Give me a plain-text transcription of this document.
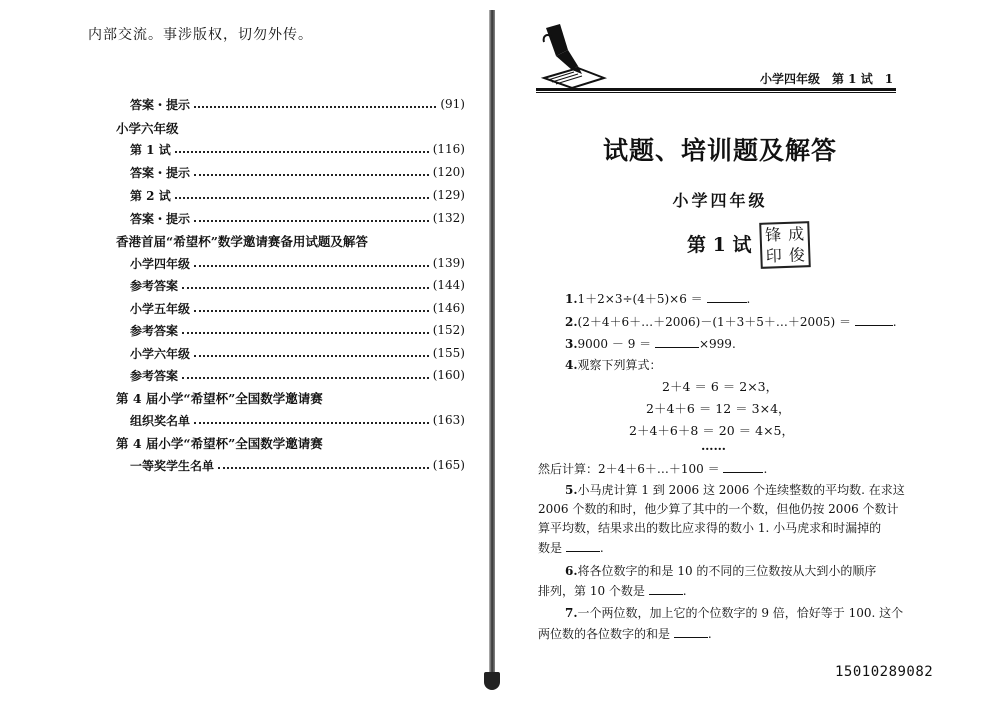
内部交流。事涉版权，切勿外传。
答案・提示	(91)
小学六年级
第 1 试	(116)
答案・提示	(120)
第 2 试	(129)
答案・提示	(132)
香港首届“希望杯”数学邀请赛备用试题及解答
小学四年级	(139)
参考答案	(144)
小学五年级	(146)
参考答案	(152)
小学六年级	(155)
参考答案	(160)
第 4 届小学“希望杯”全国数学邀请赛
组织奖名单	(163)
第 4 届小学“希望杯”全国数学邀请赛
一等奖学生名单	(165)
小学四年级　第 1 试　1
试题、培训题及解答
小学四年级
第 1 试 锋 成
印 俊
1.1＋2×3÷(4＋5)×6 ＝	.
2.(2＋4＋6＋…＋2006)－(1＋3＋5＋…＋2005) ＝	.
3.9000 － 9 ＝	×999.
4.观察下列算式：
2＋4 ＝ 6 ＝ 2×3，
2＋4＋6 ＝ 12 ＝ 3×4，
2＋4＋6＋8 ＝ 20 ＝ 4×5，
……
然后计算：2＋4＋6＋…＋100 ＝	.
5.小马虎计算 1 到 2006 这 2006 个连续整数的平均数. 在求这
2006 个数的和时，他少算了其中的一个数，但他仍按 2006 个数计
算平均数，结果求出的数比应求得的数小 1. 小马虎求和时漏掉的
数是	.
6.将各位数字的和是 10 的不同的三位数按从大到小的顺序
排列，第 10 个数是	.
7.一个两位数，加上它的个位数字的 9 倍，恰好等于 100. 这个
两位数的各位数字的和是	.
15010289082
